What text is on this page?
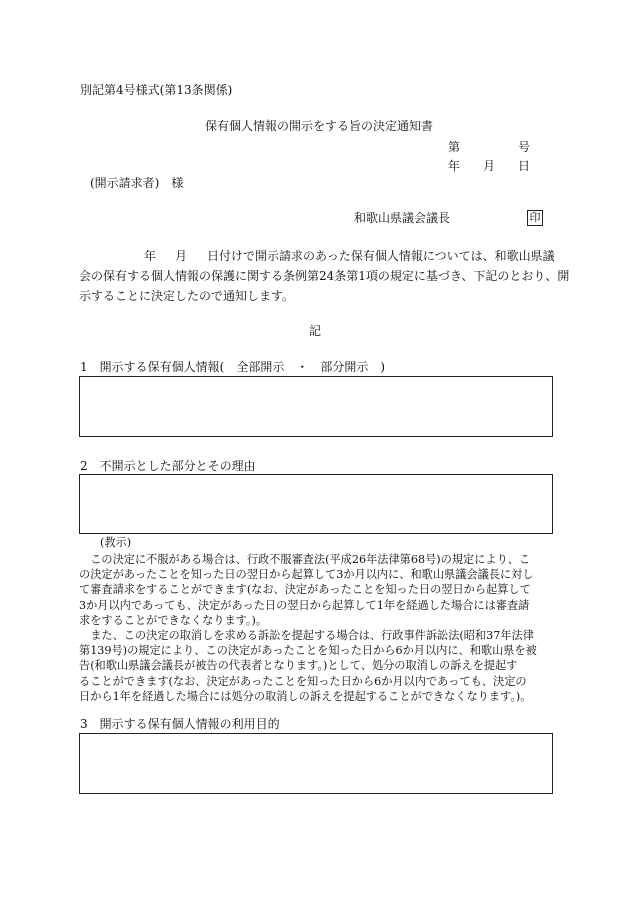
別記第4号様式(第13条関係)
保有個人情報の開示をする旨の決定通知書
第	号
年 月 日
(開示請求者)　様
和歌山県議会議長	印
年 月 日付けで開示請求のあった保有個人情報については、和歌山県議
会の保有する個人情報の保護に関する条例第24条第1項の規定に基づき、下記のとおり、開
示することに決定したので通知します。
記
1　開示する保有個人情報(　全部開示　・　部分開示　)
2　不開示とした部分とその理由
(教示)

　この決定に不服がある場合は、行政不服審査法(平成26年法律第68号)の規定により、こ

の決定があったことを知った日の翌日から起算して3か月以内に、和歌山県議会議長に対し

て審査請求をすることができます(なお、決定があったことを知った日の翌日から起算して

3か月以内であっても、決定があった日の翌日から起算して1年を経過した場合には審査請

求をすることができなくなります。)。

　また、この決定の取消しを求める訴訟を提起する場合は、行政事件訴訟法(昭和37年法律

第139号)の規定により、この決定があったことを知った日から6か月以内に、和歌山県を被

告(和歌山県議会議長が被告の代表者となります。)として、処分の取消しの訴えを提起す

ることができます(なお、決定があったことを知った日から6か月以内であっても、決定の

日から1年を経過した場合には処分の取消しの訴えを提起することができなくなります。)。

3　開示する保有個人情報の利用目的
